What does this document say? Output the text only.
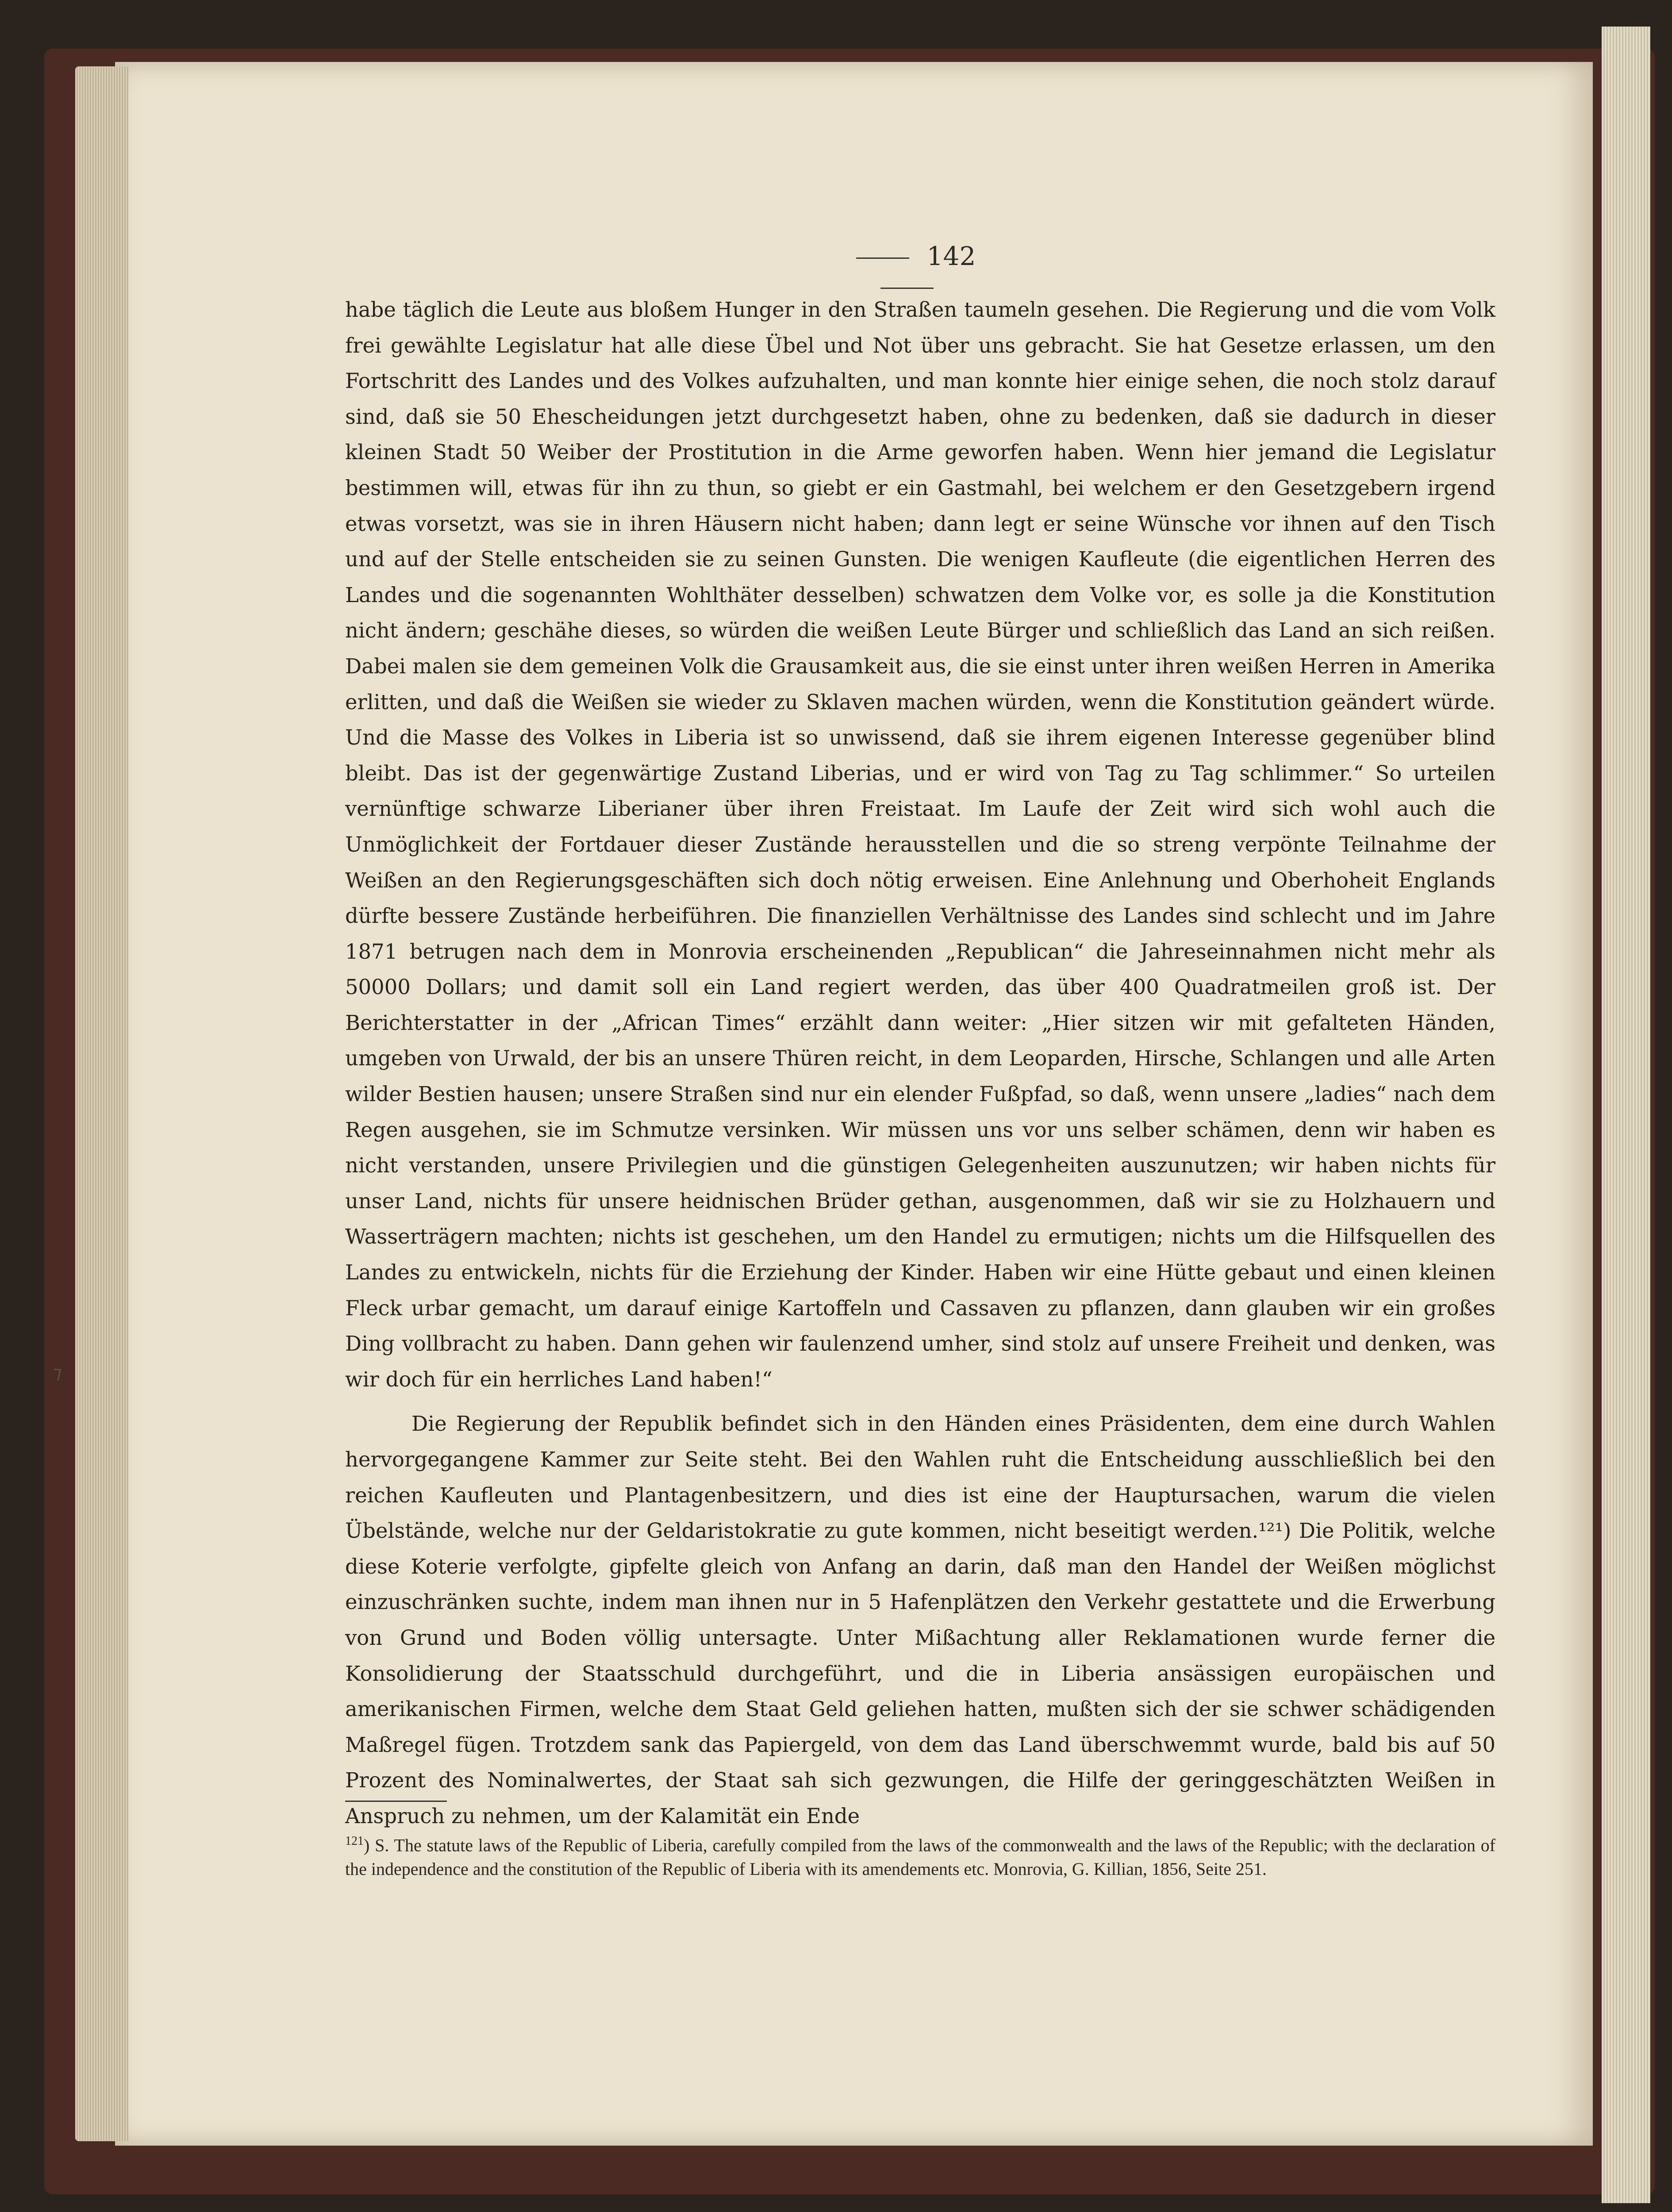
⁊
142

habe täglich die Leute aus bloßem Hunger in den Straßen taumeln gesehen. Die Regierung und die vom Volk frei gewählte Legislatur hat alle diese Übel und Not über uns gebracht. Sie hat Gesetze erlassen, um den Fortschritt des Landes und des Volkes aufzuhalten, und man konnte hier einige sehen, die noch stolz darauf sind, daß sie 50 Ehescheidungen jetzt durchgesetzt haben, ohne zu bedenken, daß sie dadurch in dieser kleinen Stadt 50 Weiber der Prostitution in die Arme geworfen haben. Wenn hier jemand die Legislatur bestimmen will, etwas für ihn zu thun, so giebt er ein Gastmahl, bei welchem er den Gesetzgebern irgend etwas vorsetzt, was sie in ihren Häusern nicht haben; dann legt er seine Wünsche vor ihnen auf den Tisch und auf der Stelle entscheiden sie zu seinen Gunsten. Die wenigen Kaufleute (die eigentlichen Herren des Landes und die sogenannten Wohlthäter desselben) schwatzen dem Volke vor, es solle ja die Konstitution nicht ändern; geschähe dieses, so würden die weißen Leute Bürger und schließlich das Land an sich reißen. Dabei malen sie dem gemeinen Volk die Grausamkeit aus, die sie einst unter ihren weißen Herren in Amerika erlitten, und daß die Weißen sie wieder zu Sklaven machen würden, wenn die Konstitution geändert würde. Und die Masse des Volkes in Liberia ist so unwissend, daß sie ihrem eigenen Interesse gegenüber blind bleibt. Das ist der gegenwärtige Zustand Liberias, und er wird von Tag zu Tag schlimmer.“ So urteilen vernünftige schwarze Liberianer über ihren Freistaat. Im Laufe der Zeit wird sich wohl auch die Unmöglichkeit der Fortdauer dieser Zustände herausstellen und die so streng verpönte Teilnahme der Weißen an den Regierungsgeschäften sich doch nötig erweisen. Eine Anlehnung und Oberhoheit Englands dürfte bessere Zustände herbeiführen. Die finanziellen Verhältnisse des Landes sind schlecht und im Jahre 1871 betrugen nach dem in Monrovia erscheinenden „Republican“ die Jahreseinnahmen nicht mehr als 50000 Dollars; und damit soll ein Land regiert werden, das über 400 Quadratmeilen groß ist. Der Berichterstatter in der „African Times“ erzählt dann weiter: „Hier sitzen wir mit gefalteten Händen, umgeben von Urwald, der bis an unsere Thüren reicht, in dem Leoparden, Hirsche, Schlangen und alle Arten wilder Bestien hausen; unsere Straßen sind nur ein elender Fußpfad, so daß, wenn unsere „ladies“ nach dem Regen ausgehen, sie im Schmutze versinken. Wir müssen uns vor uns selber schämen, denn wir haben es nicht verstanden, unsere Privilegien und die günstigen Gelegenheiten auszunutzen; wir haben nichts für unser Land, nichts für unsere heidnischen Brüder gethan, ausgenommen, daß wir sie zu Holzhauern und Wasserträgern machten; nichts ist geschehen, um den Handel zu ermutigen; nichts um die Hilfsquellen des Landes zu entwickeln, nichts für die Erziehung der Kinder. Haben wir eine Hütte gebaut und einen kleinen Fleck urbar gemacht, um darauf einige Kartoffeln und Cassaven zu pflanzen, dann glauben wir ein großes Ding vollbracht zu haben. Dann gehen wir faulenzend umher, sind stolz auf unsere Freiheit und denken, was wir doch für ein herrliches Land haben!“

Die Regierung der Republik befindet sich in den Händen eines Präsidenten, dem eine durch Wahlen hervorgegangene Kammer zur Seite steht. Bei den Wahlen ruht die Entscheidung ausschließlich bei den reichen Kaufleuten und Plantagenbesitzern, und dies ist eine der Hauptursachen, warum die vielen Übelstände, welche nur der Geldaristokratie zu gute kommen, nicht beseitigt werden.¹²¹) Die Politik, welche diese Koterie verfolgte, gipfelte gleich von Anfang an darin, daß man den Handel der Weißen möglichst einzuschränken suchte, indem man ihnen nur in 5 Hafenplätzen den Verkehr gestattete und die Erwerbung von Grund und Boden völlig untersagte. Unter Mißachtung aller Reklamationen wurde ferner die Konsolidierung der Staatsschuld durchgeführt, und die in Liberia ansässigen europäischen und amerikanischen Firmen, welche dem Staat Geld geliehen hatten, mußten sich der sie schwer schädigenden Maßregel fügen. Trotzdem sank das Papiergeld, von dem das Land überschwemmt wurde, bald bis auf 50 Prozent des Nominalwertes, der Staat sah sich gezwungen, die Hilfe der geringgeschätzten Weißen in Anspruch zu nehmen, um der Kalamität ein Ende

$^{121}$) S. The statute laws of the Republic of Liberia, carefully compiled from the laws of the commonwealth and the laws of the Republic; with the declaration of the independence and the constitution of the Republic of Liberia with its amendements etc. Monrovia, G. Killian, 1856, Seite 251.
